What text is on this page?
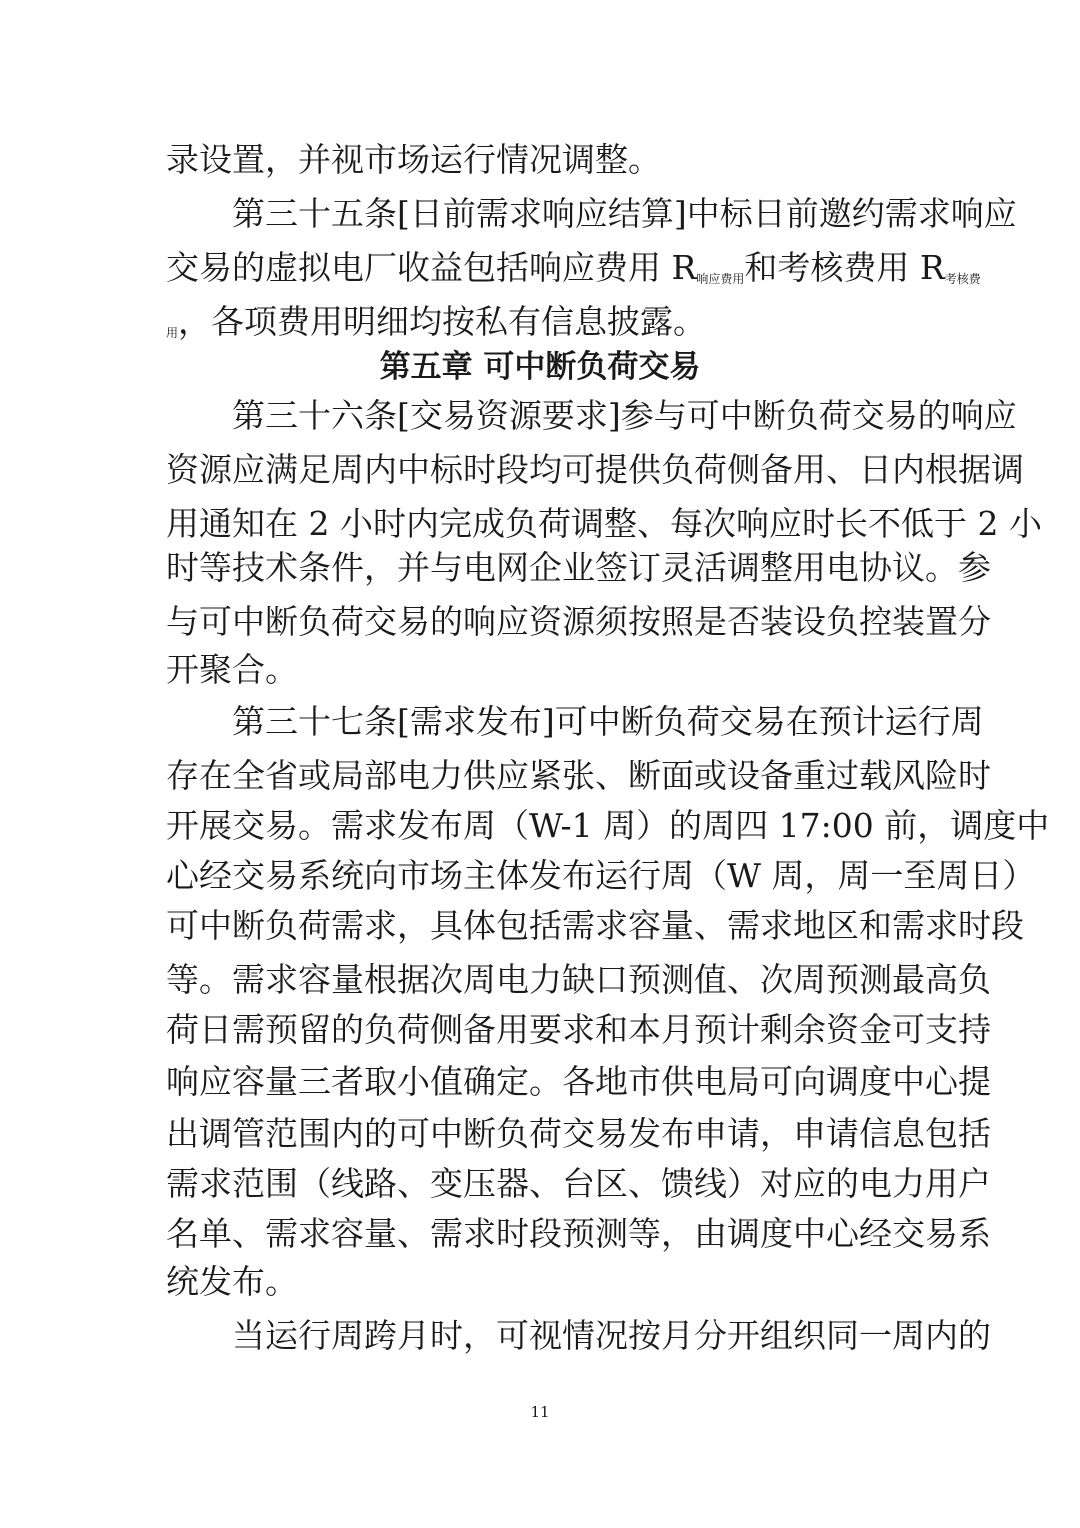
录设置，并视市场运行情况调整。
第三十五条[日前需求响应结算]中标日前邀约需求响应
交易的虚拟电厂收益包括响应费用 $R_{响应费用}$和考核费用 $R_{考核费}$
$_用$，各项费用明细均按私有信息披露。
第五章 可中断负荷交易
第三十六条[交易资源要求]参与可中断负荷交易的响应
资源应满足周内中标时段均可提供负荷侧备用、日内根据调
用通知在 2 小时内完成负荷调整、每次响应时长不低于 2 小
时等技术条件，并与电网企业签订灵活调整用电协议。参
与可中断负荷交易的响应资源须按照是否装设负控装置分
开聚合。
第三十七条[需求发布]可中断负荷交易在预计运行周
存在全省或局部电力供应紧张、断面或设备重过载风险时
开展交易。需求发布周（W-1 周）的周四 17:00 前，调度中
心经交易系统向市场主体发布运行周（W 周，周一至周日）
可中断负荷需求，具体包括需求容量、需求地区和需求时段
等。需求容量根据次周电力缺口预测值、次周预测最高负
荷日需预留的负荷侧备用要求和本月预计剩余资金可支持
响应容量三者取小值确定。各地市供电局可向调度中心提
出调管范围内的可中断负荷交易发布申请，申请信息包括
需求范围（线路、变压器、台区、馈线）对应的电力用户
名单、需求容量、需求时段预测等，由调度中心经交易系
统发布。
当运行周跨月时，可视情况按月分开组织同一周内的
11
